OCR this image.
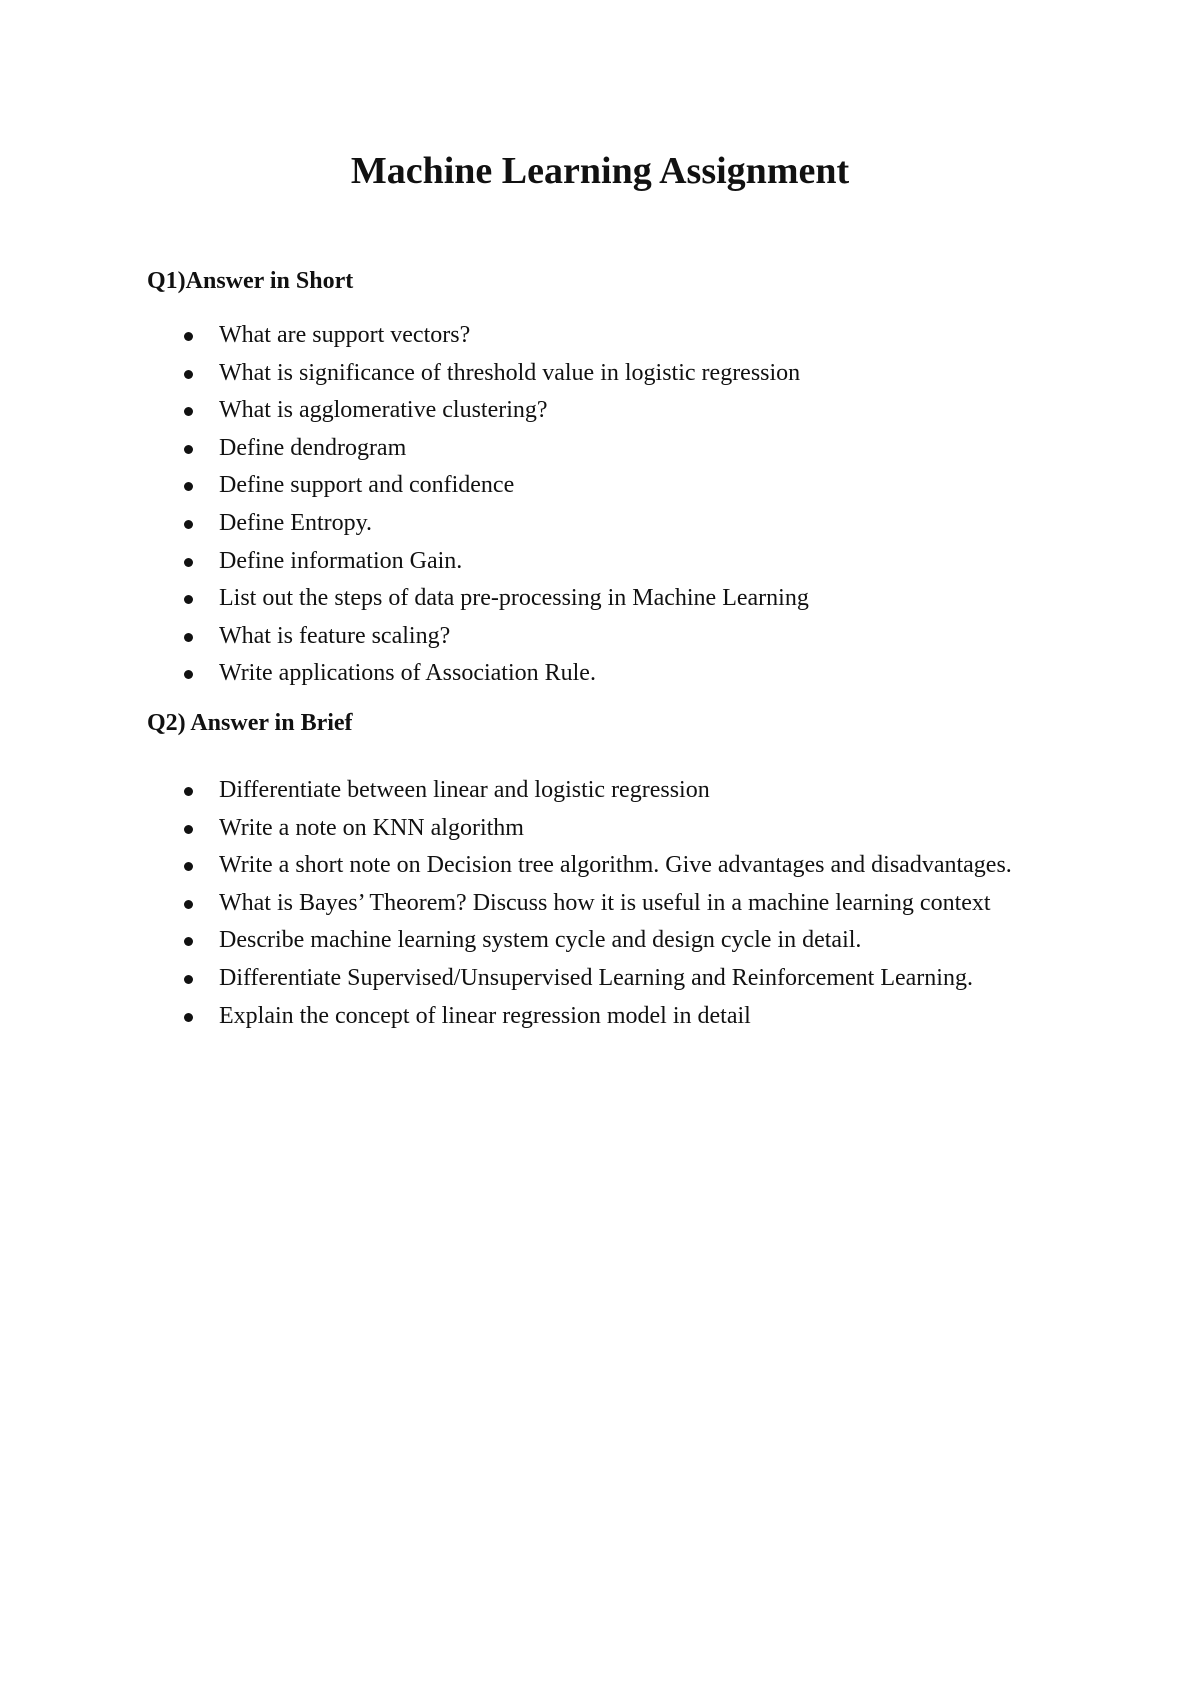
Machine Learning Assignment
Q1)Answer in Short
What are support vectors?
What is significance of threshold value in logistic regression
What is agglomerative clustering?
Define dendrogram
Define support and confidence
Define Entropy.
Define information Gain.
List out the steps of data pre-processing in Machine Learning
What is feature scaling?
Write applications of Association Rule.
Q2) Answer in Brief
Differentiate between linear and logistic regression
Write a note on KNN algorithm
Write a short note on Decision tree algorithm. Give advantages and disadvantages.
What is Bayes’ Theorem? Discuss how it is useful in a machine learning context
Describe machine learning system cycle and design cycle in detail.
Differentiate Supervised/Unsupervised Learning and Reinforcement Learning.
Explain the concept of linear regression model in detail
